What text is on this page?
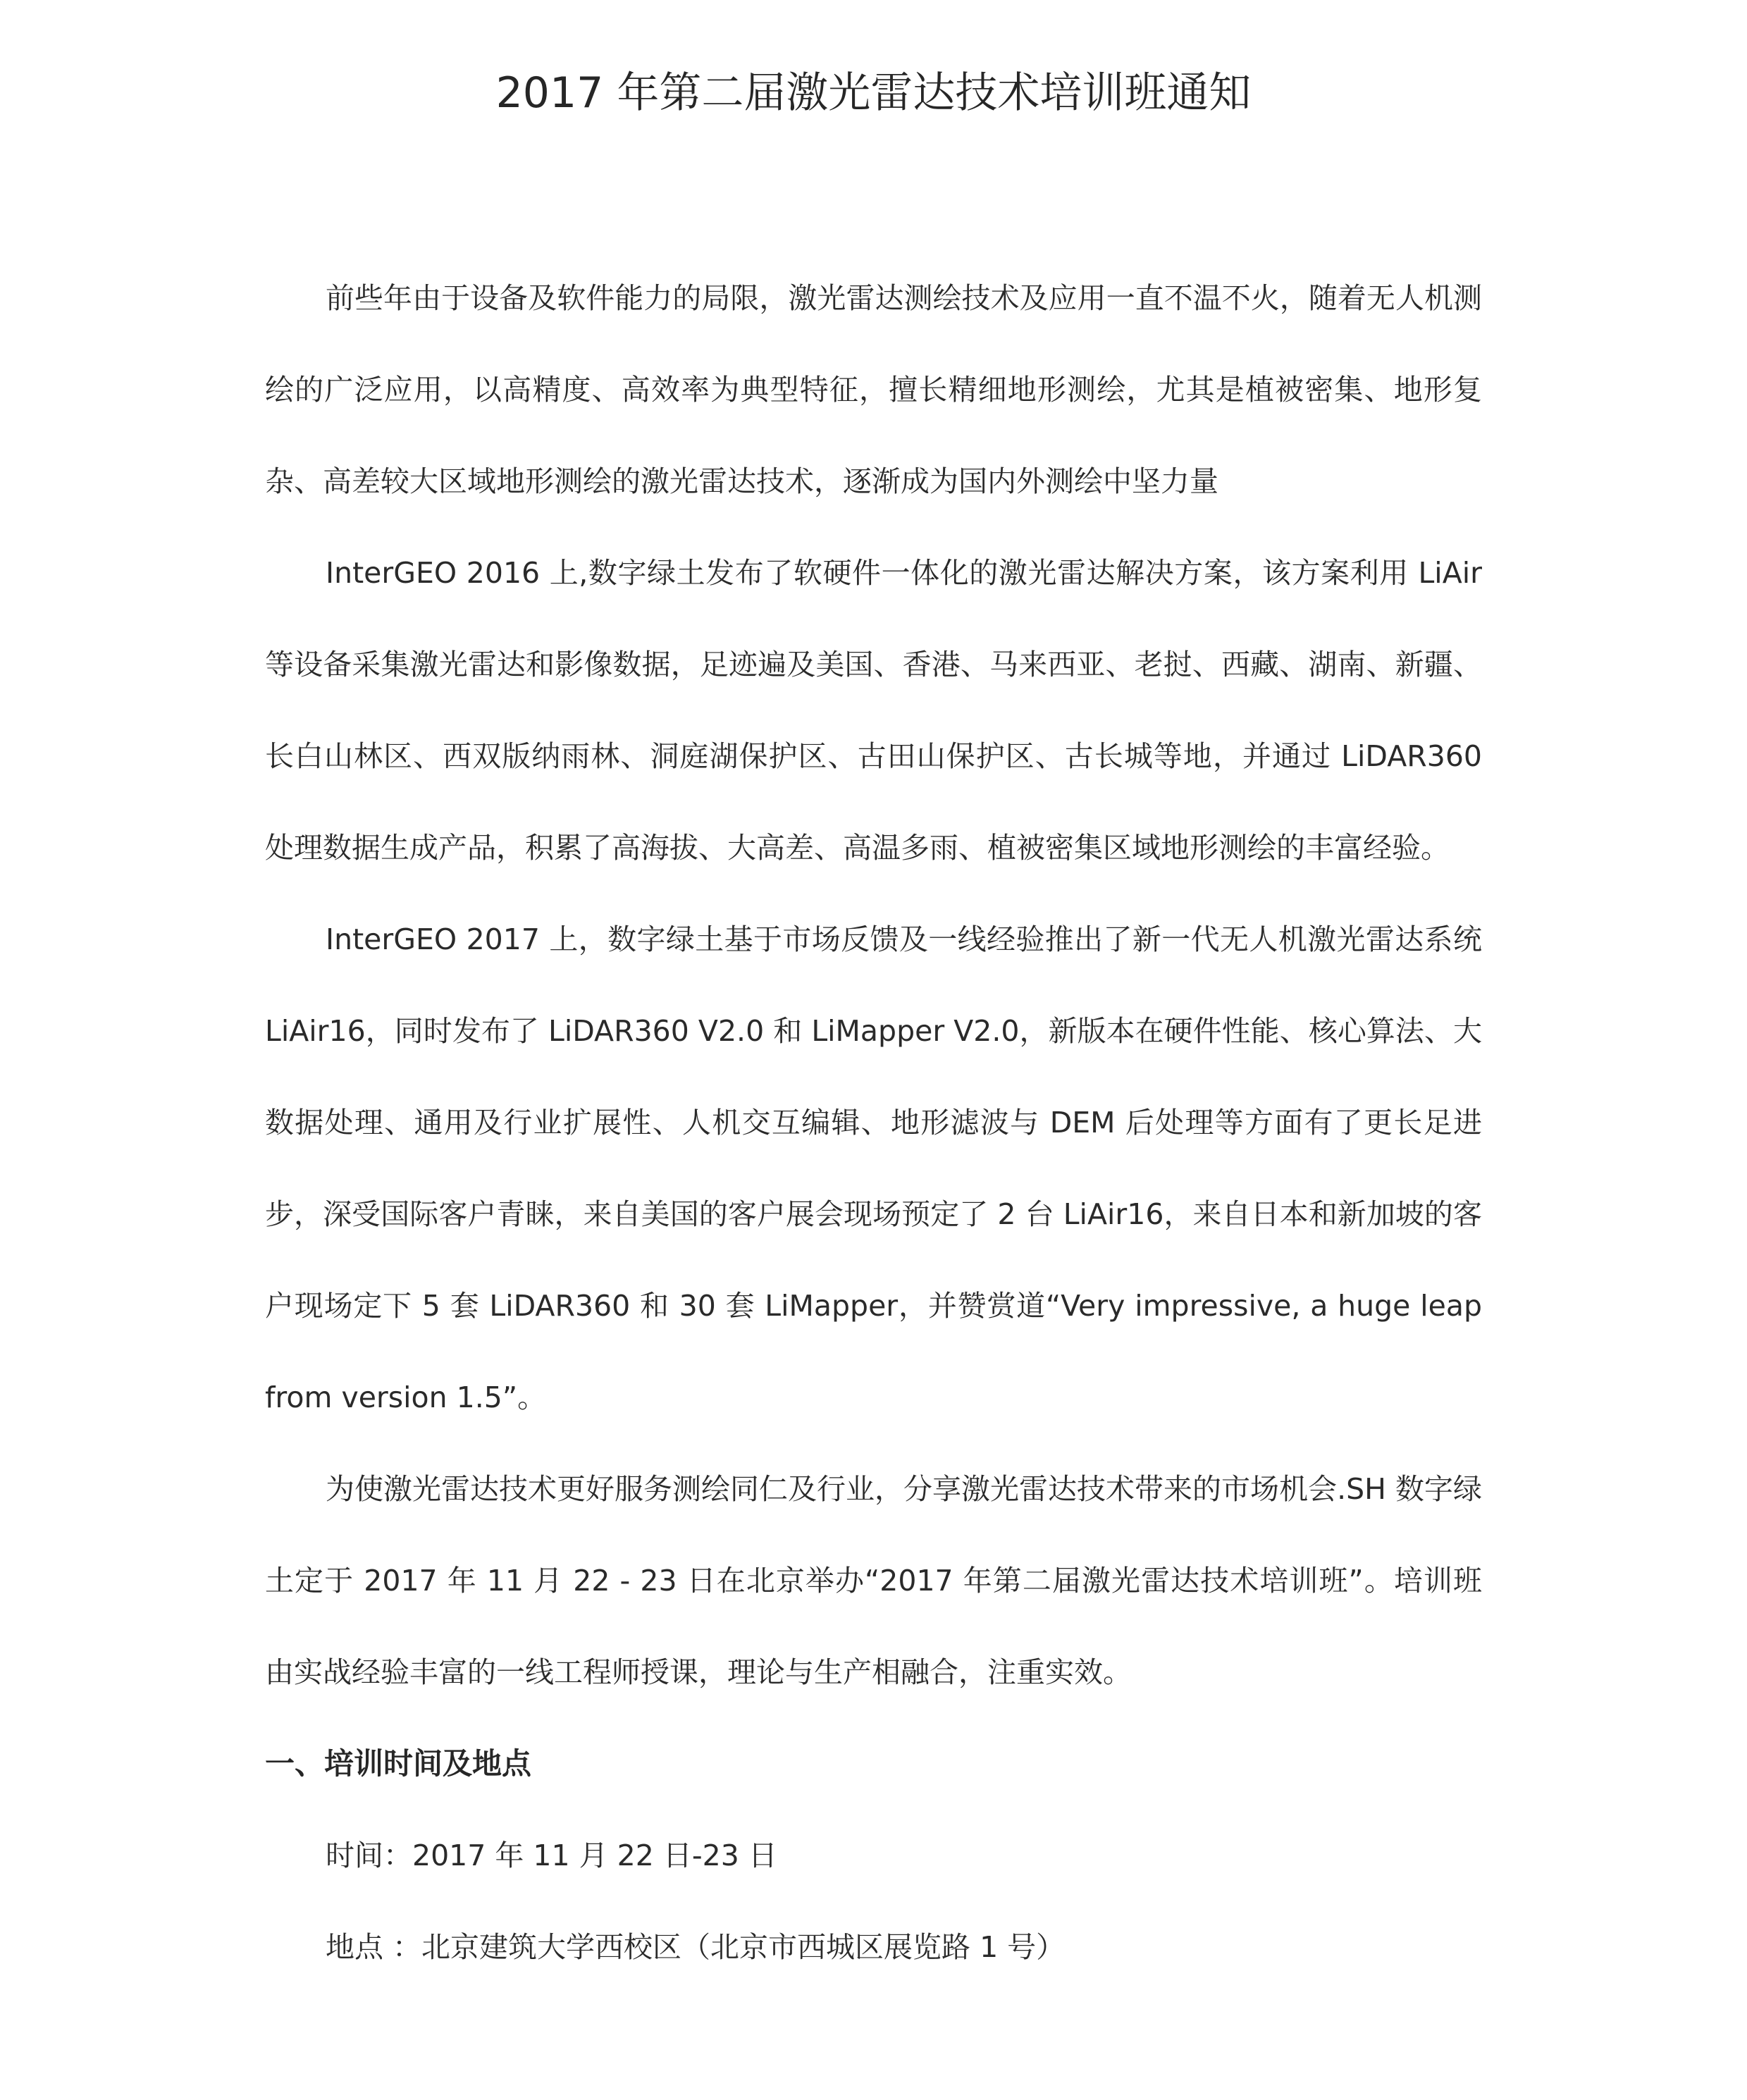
2017 年第二届激光雷达技术培训班通知

前些年由于设备及软件能力的局限，激光雷达测绘技术及应用一直不温不火，随着无人机测绘的广泛应用，以高精度、高效率为典型特征，擅长精细地形测绘，尤其是植被密集、地形复杂、高差较大区域地形测绘的激光雷达技术，逐渐成为国内外测绘中坚力量

InterGEO 2016 上,数字绿土发布了软硬件一体化的激光雷达解决方案，该方案利用 LiAir 等设备采集激光雷达和影像数据，足迹遍及美国、香港、马来西亚、老挝、西藏、湖南、新疆、长白山林区、西双版纳雨林、洞庭湖保护区、古田山保护区、古长城等地，并通过 LiDAR360 处理数据生成产品，积累了高海拔、大高差、高温多雨、植被密集区域地形测绘的丰富经验。

InterGEO 2017 上，数字绿土基于市场反馈及一线经验推出了新一代无人机激光雷达系统 LiAir16，同时发布了 LiDAR360 V2.0 和 LiMapper V2.0，新版本在硬件性能、核心算法、大数据处理、通用及行业扩展性、人机交互编辑、地形滤波与 DEM 后处理等方面有了更长足进步，深受国际客户青睐，来自美国的客户展会现场预定了 2 台 LiAir16，来自日本和新加坡的客户现场定下 5 套 LiDAR360 和 30 套 LiMapper，并赞赏道“Very impressive, a huge leap from version 1.5”。

为使激光雷达技术更好服务测绘同仁及行业，分享激光雷达技术带来的市场机会.SH 数字绿土定于 2017 年 11 月 22 - 23 日在北京举办“2017 年第二届激光雷达技术培训班”。培训班由实战经验丰富的一线工程师授课，理论与生产相融合，注重实效。

一、培训时间及地点

时间：2017 年 11 月 22 日-23 日

地点 ：北京建筑大学西校区（北京市西城区展览路 1 号）
